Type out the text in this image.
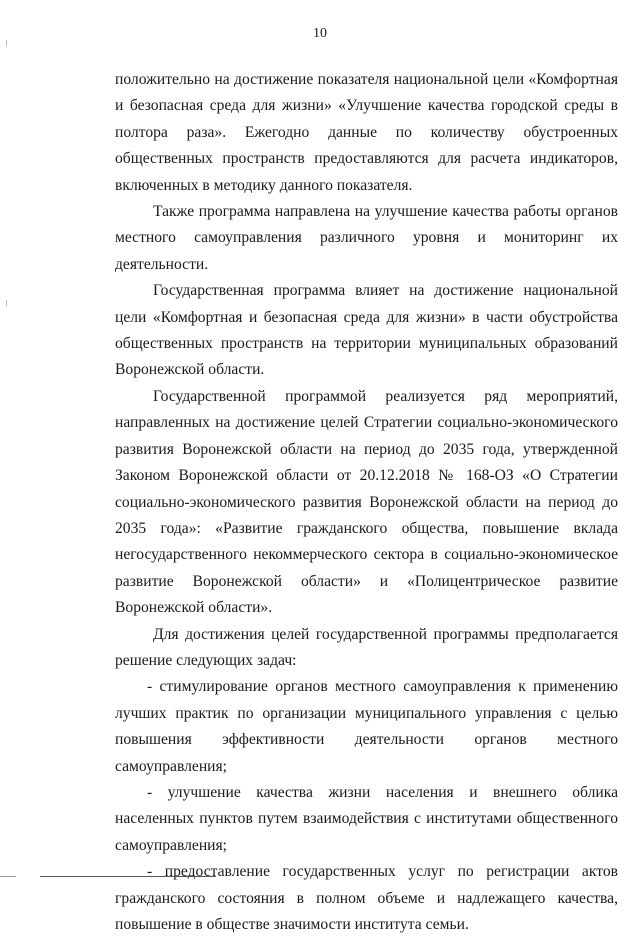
10

положительно на достижение показателя национальной цели «Комфортная и безопасная среда для жизни» «Улучшение качества городской среды в полтора раза». Ежегодно данные по количеству обустроенных общественных пространств предоставляются для расчета индикаторов, включенных в методику данного показателя.

Также программа направлена на улучшение качества работы органов местного самоуправления различного уровня и мониторинг их деятельности.

Государственная программа влияет на достижение национальной цели «Комфортная и безопасная среда для жизни» в части обустройства общественных пространств на территории муниципальных образований Воронежской области.

Государственной программой реализуется ряд мероприятий, направленных на достижение целей Стратегии социально-экономического развития Воронежской области на период до 2035 года, утвержденной Законом Воронежской области от 20.12.2018 № 168-ОЗ «О Стратегии социально-экономического развития Воронежской области на период до 2035 года»: «Развитие гражданского общества, повышение вклада негосударственного некоммерческого сектора в социально-экономическое развитие Воронежской области» и «Полицентрическое развитие Воронежской области».

Для достижения целей государственной программы предполагается решение следующих задач:

- стимулирование органов местного самоуправления к применению лучших практик по организации муниципального управления с целью повышения эффективности деятельности органов местного самоуправления;

- улучшение качества жизни населения и внешнего облика населенных пунктов путем взаимодействия с институтами общественного самоуправления;

- предоставление государственных услуг по регистрации актов гражданского состояния в полном объеме и надлежащего качества, повышение в обществе значимости института семьи.
